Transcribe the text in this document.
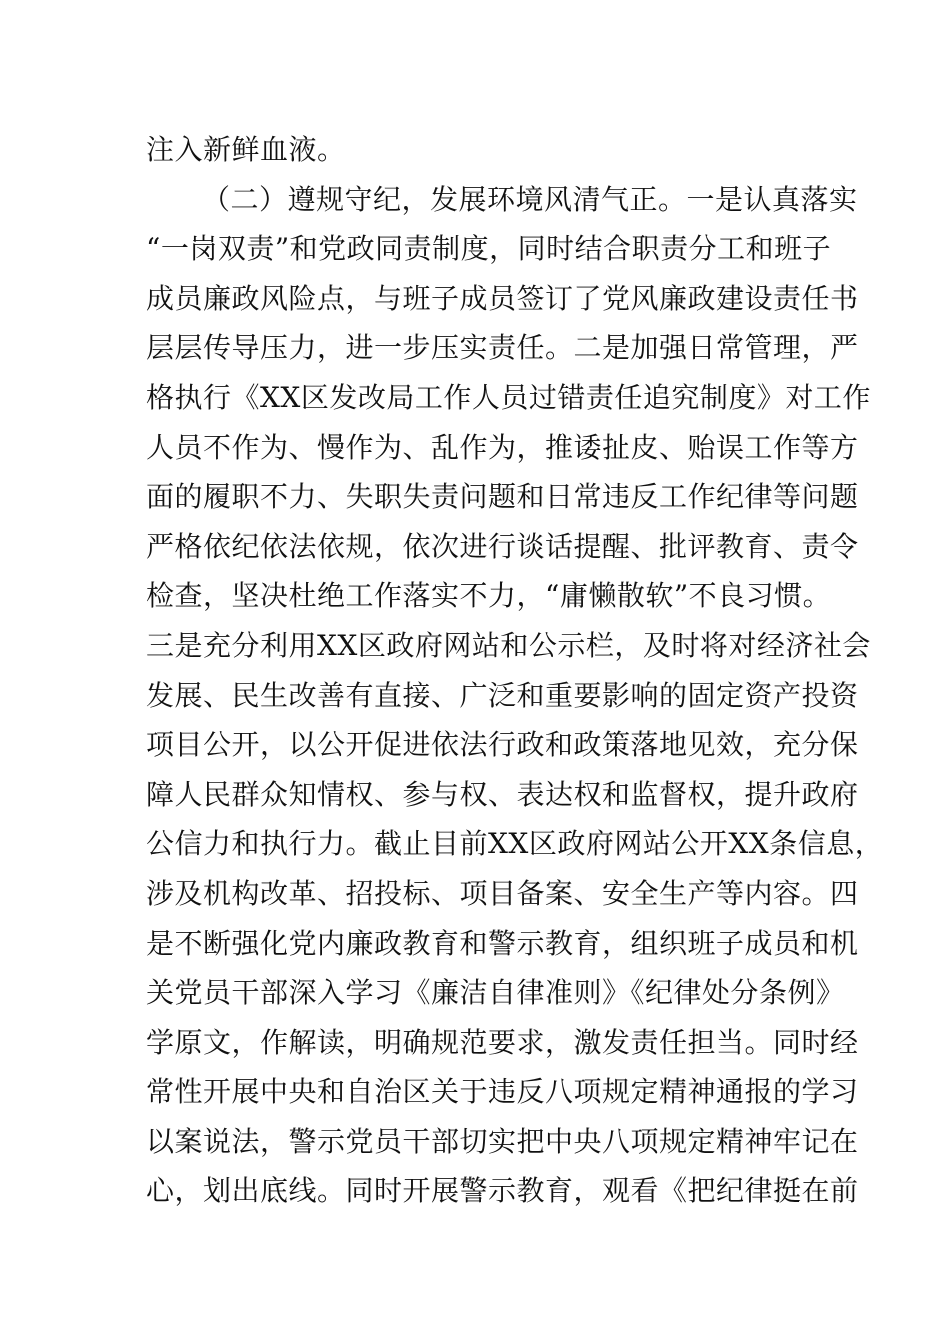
注入新鲜血液。
（二）遵规守纪，发展环境风清气正。一是认真落实
“一岗双责”和党政同责制度，同时结合职责分工和班子
成员廉政风险点，与班子成员签订了党风廉政建设责任书
层层传导压力，进一步压实责任。二是加强日常管理，严
格执行《XX区发改局工作人员过错责任追究制度》对工作
人员不作为、慢作为、乱作为，推诿扯皮、贻误工作等方
面的履职不力、失职失责问题和日常违反工作纪律等问题
严格依纪依法依规，依次进行谈话提醒、批评教育、责令
检查，坚决杜绝工作落实不力，“庸懒散软”不良习惯。
三是充分利用XX区政府网站和公示栏，及时将对经济社会
发展、民生改善有直接、广泛和重要影响的固定资产投资
项目公开，以公开促进依法行政和政策落地见效，充分保
障人民群众知情权、参与权、表达权和监督权，提升政府
公信力和执行力。截止目前XX区政府网站公开XX条信息，
涉及机构改革、招投标、项目备案、安全生产等内容。四
是不断强化党内廉政教育和警示教育，组织班子成员和机
关党员干部深入学习《廉洁自律准则》《纪律处分条例》
学原文，作解读，明确规范要求，激发责任担当。同时经
常性开展中央和自治区关于违反八项规定精神通报的学习
以案说法，警示党员干部切实把中央八项规定精神牢记在
心，划出底线。同时开展警示教育，观看《把纪律挺在前
